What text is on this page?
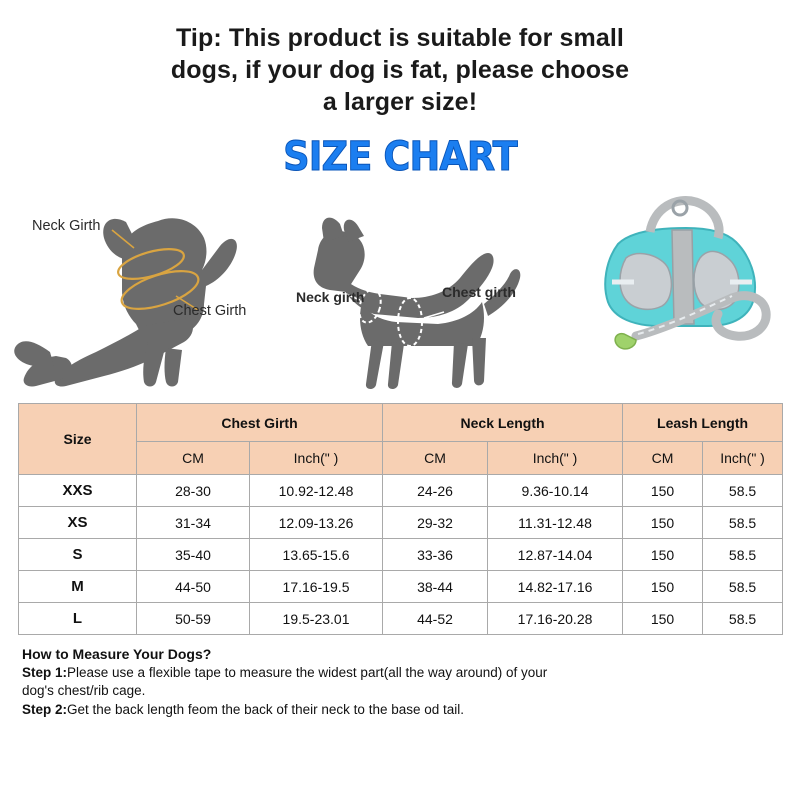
Tip: This product is suitable for small
dogs, if your dog is fat, please choose
a larger size!
SIZE CHART
Neck Girth
Chest Girth
Neck girth	Chest girth
Size	Chest Girth		Neck Length		Leash Length	
	CM	Inch(" )	CM	Inch(" )	CM	Inch(" )
XXS	28-30	10.92-12.48	24-26	9.36-10.14	150	58.5
XS	31-34	12.09-13.26	29-32	11.31-12.48	150	58.5
S	35-40	13.65-15.6	33-36	12.87-14.04	150	58.5
M	44-50	17.16-19.5	38-44	14.82-17.16	150	58.5
L	50-59	19.5-23.01	44-52	17.16-20.28	150	58.5

How to Measure Your Dogs?

Step 1:Please use a flexible tape to measure the widest part(all the way around) of your

dog's chest/rib cage.

Step 2:Get the back length feom the back of their neck to the base od tail.
